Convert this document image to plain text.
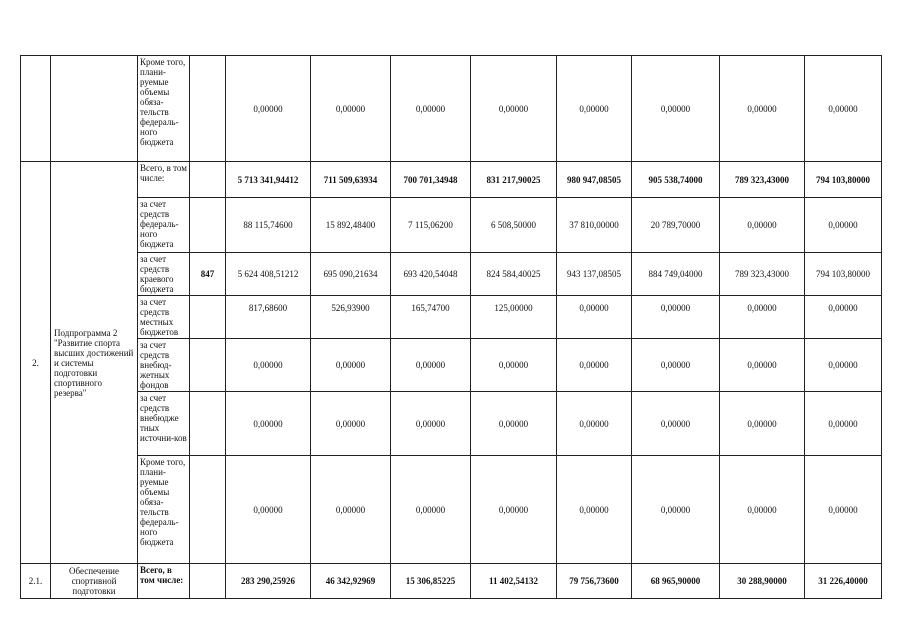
		Кроме того, плани-руемые объемы обяза-тельств федераль-ного бюджета		0,00000	0,00000	0,00000	0,00000	0,00000	0,00000	0,00000	0,00000
2.	Подпрограмма 2 "Развитие спорта высших достижений и системы подготовки спортивного резерва"	Всего, в том числе:		5 713 341,94412	711 509,63934	700 701,34948	831 217,90025	980 947,08505	905 538,74000	789 323,43000	794 103,80000
		за счет средств федераль-ного бюджета		88 115,74600	15 892,48400	7 115,06200	6 508,50000	37 810,00000	20 789,70000	0,00000	0,00000
		за счет средств краевого бюджета	847	5 624 408,51212	695 090,21634	693 420,54048	824 584,40025	943 137,08505	884 749,04000	789 323,43000	794 103,80000
		за счет средств местных бюджетов		817,68600	526,93900	165,74700	125,00000	0,00000	0,00000	0,00000	0,00000
		за счет средств внебюд-жетных фондов		0,00000	0,00000	0,00000	0,00000	0,00000	0,00000	0,00000	0,00000
		за счет средств внебюдже тных источни-ков		0,00000	0,00000	0,00000	0,00000	0,00000	0,00000	0,00000	0,00000
		Кроме того, плани-руемые объемы обяза-тельств федераль-ного бюджета		0,00000	0,00000	0,00000	0,00000	0,00000	0,00000	0,00000	0,00000
2.1.	Обеспечение спортивной подготовки	Всего, в том числе:		283 290,25926	46 342,92969	15 306,85225	11 402,54132	79 756,73600	68 965,90000	30 288,90000	31 226,40000
